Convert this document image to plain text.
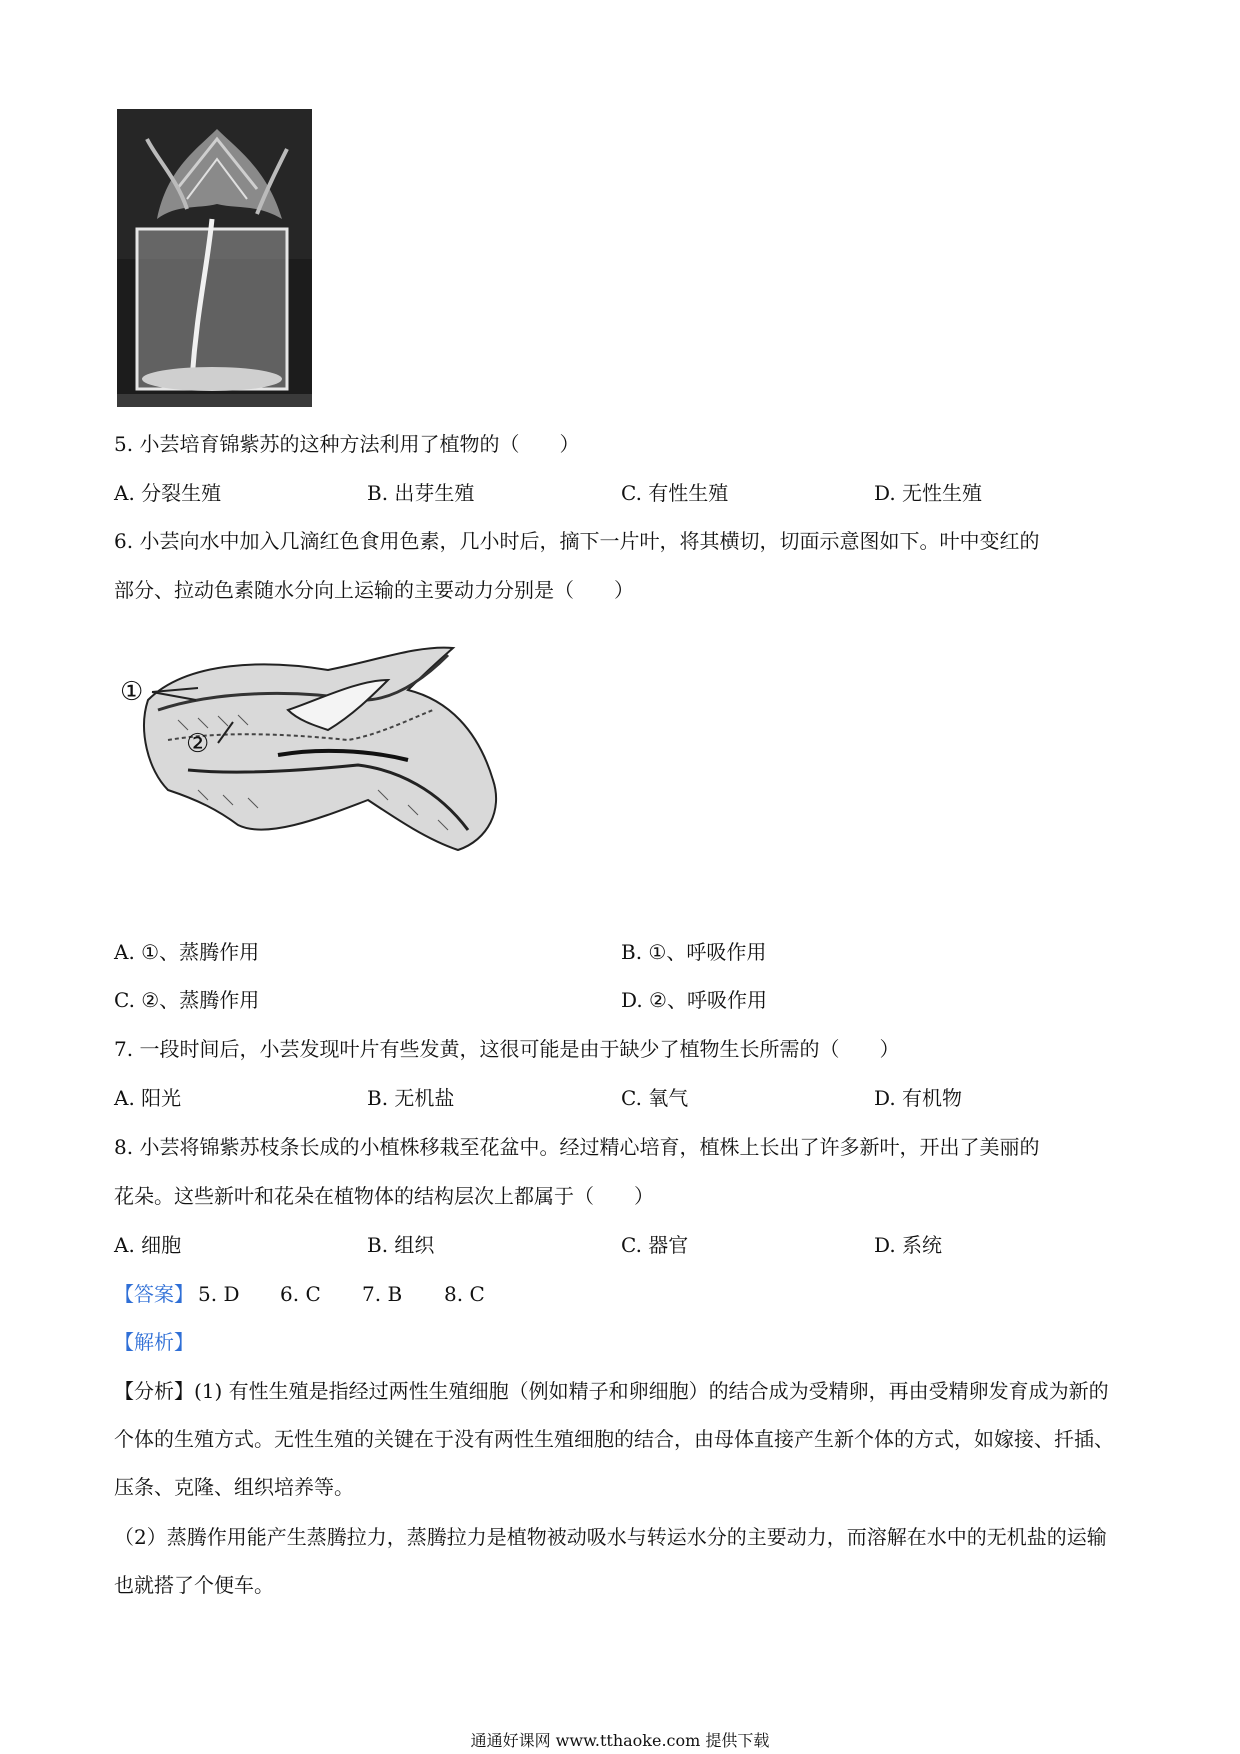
5. 小芸培育锦紫苏的这种方法利用了植物的（　　）
A. 分裂生殖	B. 出芽生殖	C. 有性生殖	D. 无性生殖
6. 小芸向水中加入几滴红色食用色素，几小时后，摘下一片叶，将其横切，切面示意图如下。叶中变红的
部分、拉动色素随水分向上运输的主要动力分别是（　　）
①
②
A. ①、蒸腾作用	B. ①、呼吸作用
C. ②、蒸腾作用	D. ②、呼吸作用
7. 一段时间后，小芸发现叶片有些发黄，这很可能是由于缺少了植物生长所需的（　　）
A. 阳光	B. 无机盐	C. 氧气	D. 有机物
8. 小芸将锦紫苏枝条长成的小植株移栽至花盆中。经过精心培育，植株上长出了许多新叶，开出了美丽的
花朵。这些新叶和花朵在植物体的结构层次上都属于（　　）
A. 细胞	B. 组织	C. 器官	D. 系统
【答案】 5. D 6. C 7. B 8. C
【解析】
【分析】(1) 有性生殖是指经过两性生殖细胞（例如精子和卵细胞）的结合成为受精卵，再由受精卵发育成为新的个体的生殖方式。无性生殖的关键在于没有两性生殖细胞的结合，由母体直接产生新个体的方式，如嫁接、扦插、压条、克隆、组织培养等。
（2）蒸腾作用能产生蒸腾拉力，蒸腾拉力是植物被动吸水与转运水分的主要动力，而溶解在水中的无机盐的运输也就搭了个便车。
通通好课网 www.tthaoke.com 提供下载
